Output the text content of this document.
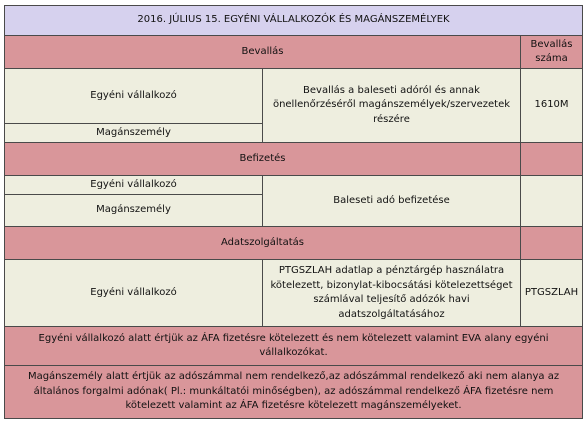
2016. JÚLIUS 15. EGYÉNI VÁLLALKOZÓK ÉS MAGÁNSZEMÉLYEK		
Bevallás		Bevallás száma
Egyéni vállalkozó	Bevallás a baleseti adóról és annak önellenőrzéséről magánszemélyek/szervezetek részére	1610M
Magánszemély		
Befizetés		
Egyéni vállalkozó	Baleseti adó befizetése	
Magánszemély		
Adatszolgáltatás		
Egyéni vállalkozó	PTGSZLAH adatlap a pénztárgép használatra kötelezett, bizonylat-kibocsátási kötelezettséget számlával teljesítő adózók havi adatszolgáltatásához	PTGSZLAH
Egyéni vállalkozó alatt értjük az ÁFA fizetésre kötelezett és nem kötelezett valamint EVA alany egyéni vállalkozókat.		
Magánszemély alatt értjük az adószámmal nem rendelkező,az adószámmal rendelkező aki nem alanya az általános forgalmi adónak( Pl.: munkáltatói minőségben), az adószámmal rendelkező ÁFA fizetésre nem kötelezett valamint az ÁFA fizetésre kötelezett magánszemélyeket.		
